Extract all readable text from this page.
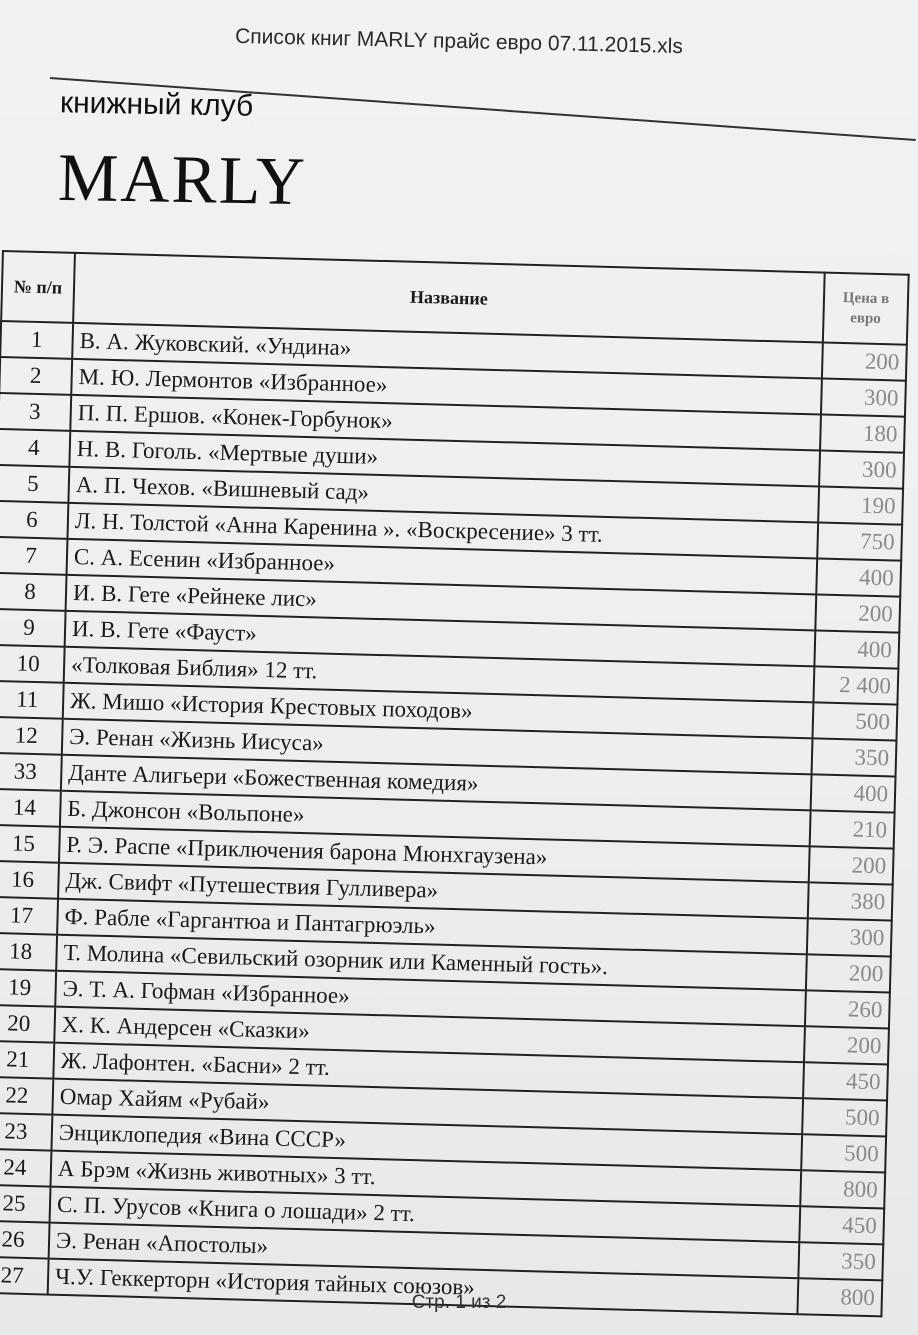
Список книг MARLY прайс евро 07.11.2015.xls
книжный клуб
MARLY
№ п/п	Название	Цена в евро
1	В. А. Жуковский. «Ундина»	200
2	М. Ю. Лермонтов «Избранное»	300
3	П. П. Ершов. «Конек-Горбунок»	180
4	Н. В. Гоголь. «Мертвые души»	300
5	А. П. Чехов. «Вишневый сад»	190
6	Л. Н. Толстой «Анна Каренина ». «Воскресение» 3 тт.	750
7	С. А. Есенин «Избранное»	400
8	И. В. Гете «Рейнеке лис»	200
9	И. В. Гете «Фауст»	400
10	«Толковая Библия» 12 тт.	2 400
11	Ж. Мишо «История Крестовых походов»	500
12	Э. Ренан «Жизнь Иисуса»	350
33	Данте Алигьери «Божественная комедия»	400
14	Б. Джонсон «Вольпоне»	210
15	Р. Э. Распе «Приключения барона Мюнхгаузена»	200
16	Дж. Свифт «Путешествия Гулливера»	380
17	Ф. Рабле «Гаргантюа и Пантагрюэль»	300
18	Т. Молина «Севильский озорник или Каменный гость».	200
19	Э. Т. А. Гофман «Избранное»	260
20	Х. К. Андерсен «Сказки»	200
21	Ж. Лафонтен. «Басни» 2 тт.	450
22	Омар Хайям «Рубай»	500
23	Энциклопедия «Вина СССР»	500
24	А Брэм «Жизнь животных» 3 тт.	800
25	С. П. Урусов «Книга о лошади» 2 тт.	450
26	Э. Ренан «Апостолы»	350
27	Ч.У. Геккерторн «История тайных союзов»	800
Стр. 1 из 2
